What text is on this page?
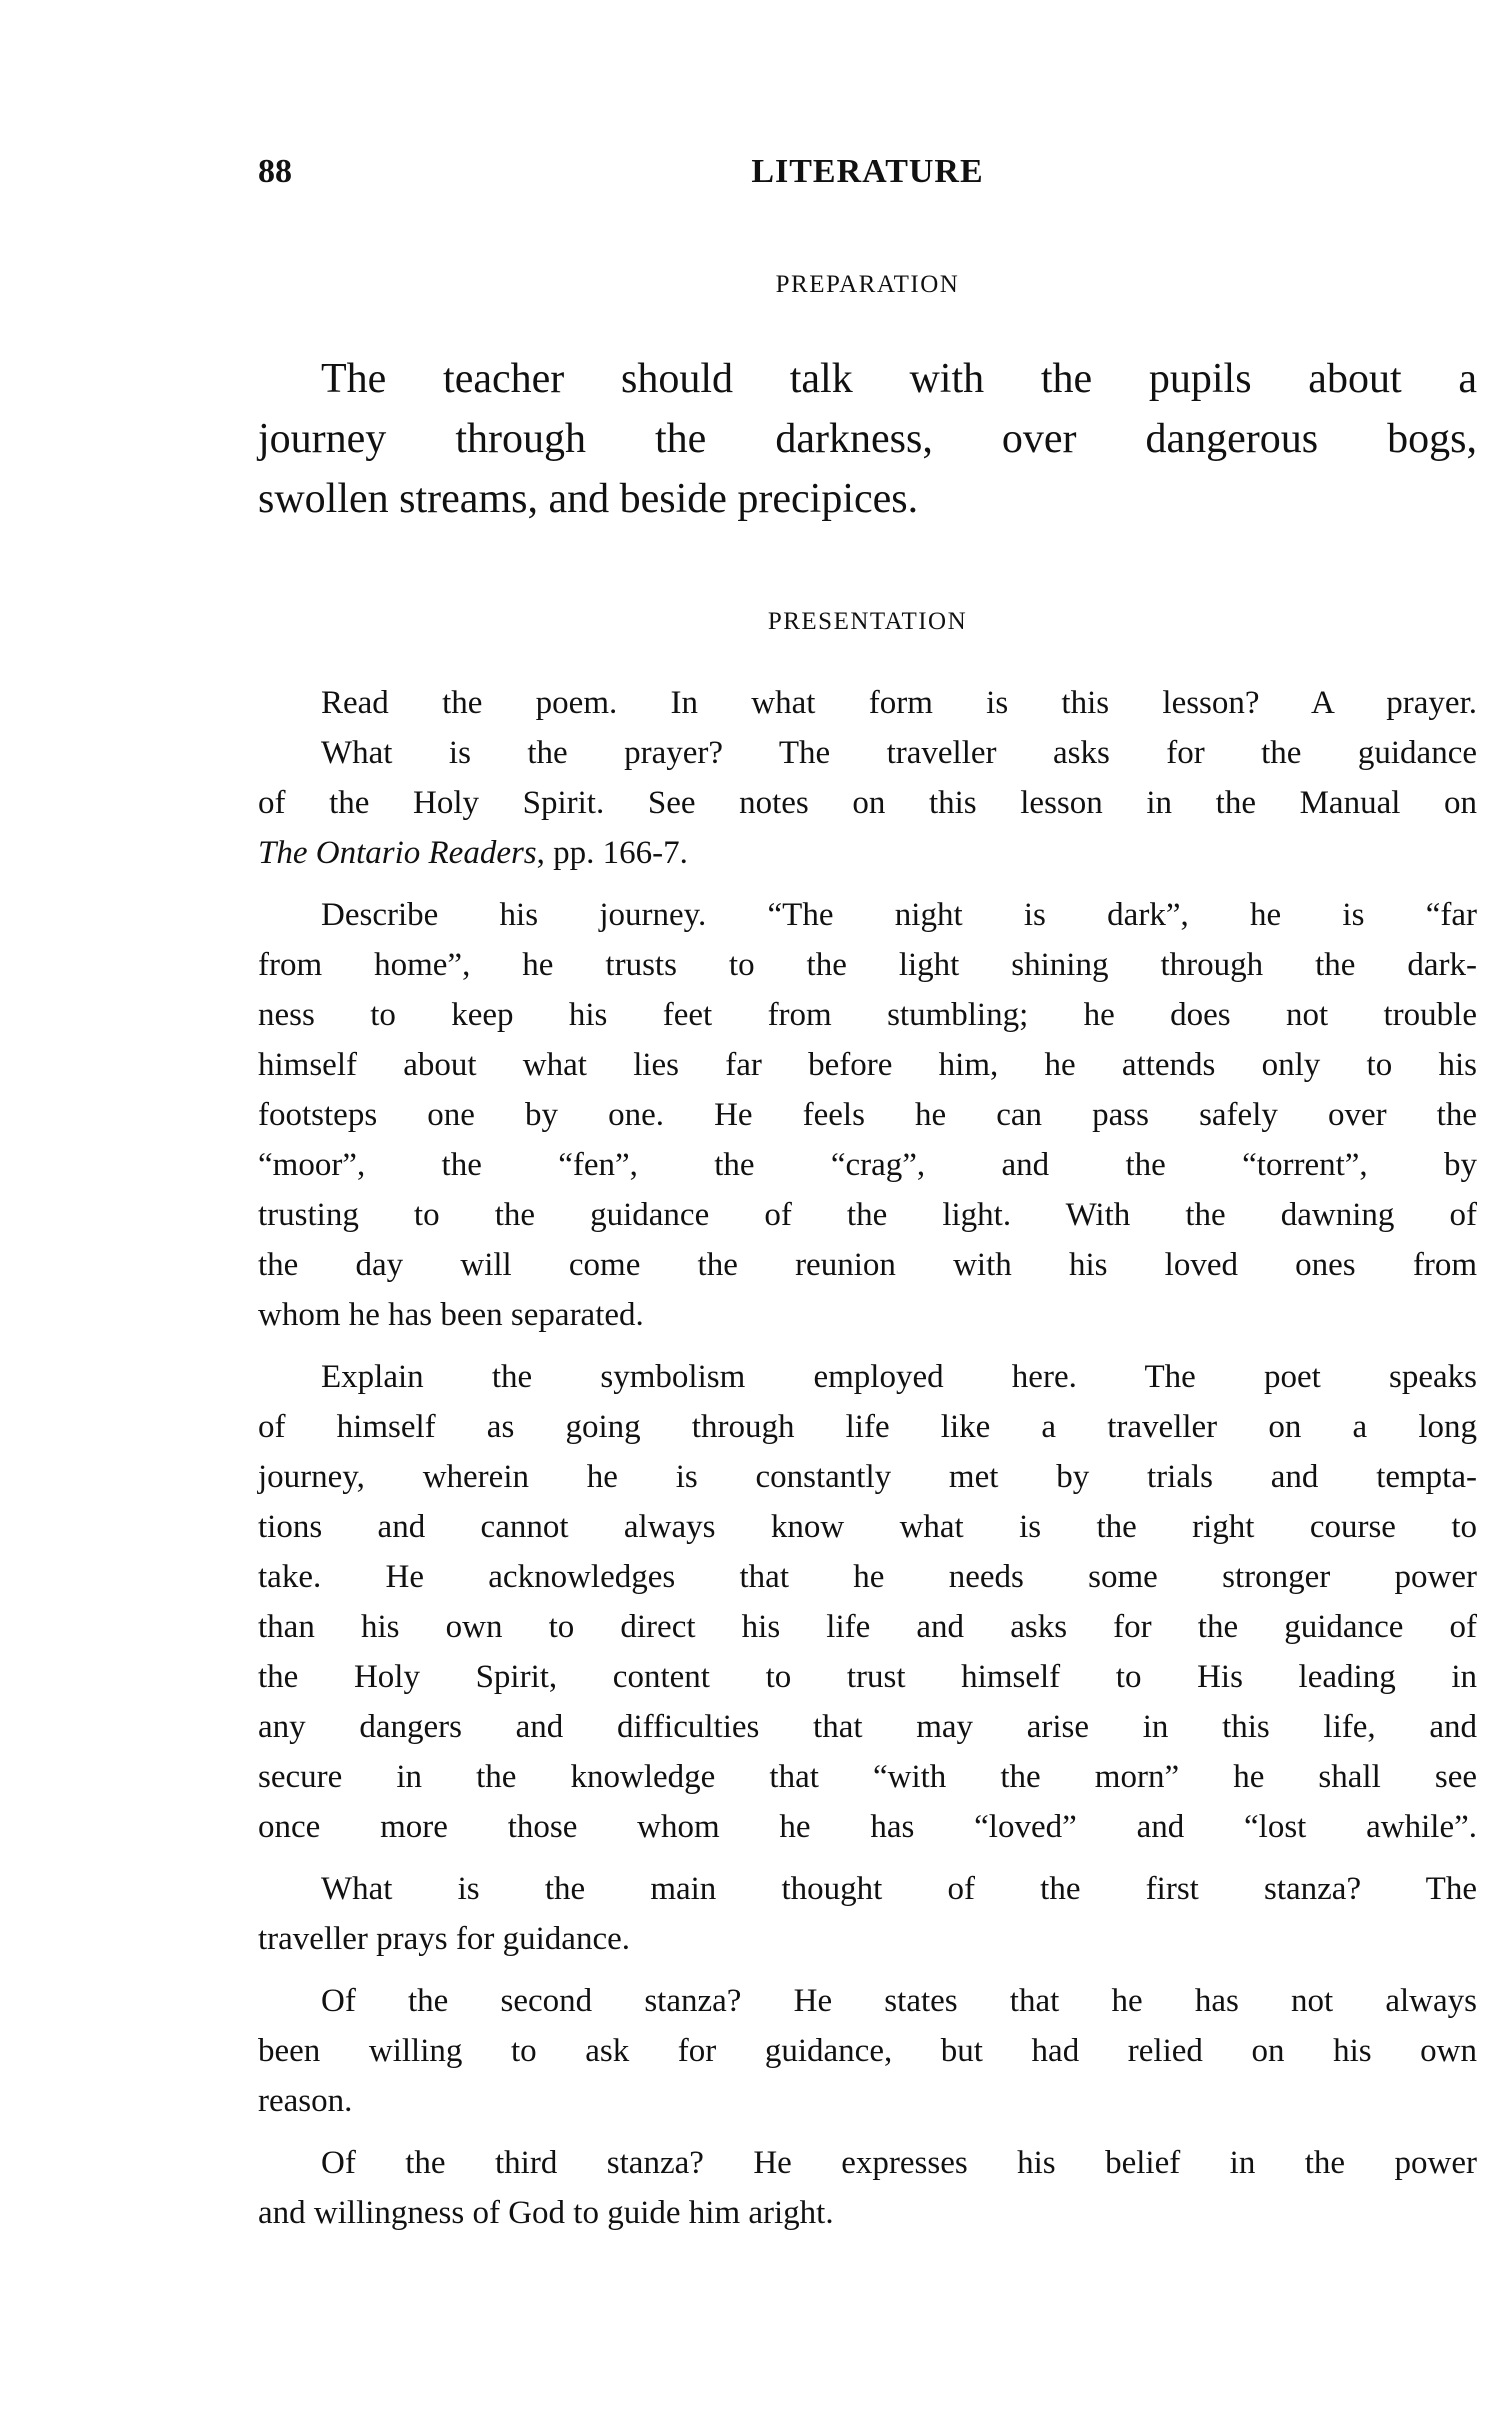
88	LITERATURE
PREPARATION
The teacher should talk with the pupils about a
journey through the darkness, over dangerous bogs,
swollen streams, and beside precipices.
PRESENTATION
Read the poem. In what form is this lesson? A prayer.
What is the prayer? The traveller asks for the guidance
of the Holy Spirit. See notes on this lesson in the Manual on
The Ontario Readers, pp. 166-7.
Describe his journey. “The night is dark”, he is “far
from home”, he trusts to the light shining through the dark-
ness to keep his feet from stumbling; he does not trouble
himself about what lies far before him, he attends only to his
footsteps one by one. He feels he can pass safely over the
“moor”, the “fen”, the “crag”, and the “torrent”, by
trusting to the guidance of the light. With the dawning of
the day will come the reunion with his loved ones from
whom he has been separated.
Explain the symbolism employed here. The poet speaks
of himself as going through life like a traveller on a long
journey, wherein he is constantly met by trials and tempta-
tions and cannot always know what is the right course to
take. He acknowledges that he needs some stronger power
than his own to direct his life and asks for the guidance of
the Holy Spirit, content to trust himself to His leading in
any dangers and difficulties that may arise in this life, and
secure in the knowledge that “with the morn” he shall see
once more those whom he has “loved” and “lost awhile”.
What is the main thought of the first stanza? The
traveller prays for guidance.
Of the second stanza? He states that he has not always
been willing to ask for guidance, but had relied on his own
reason.
Of the third stanza? He expresses his belief in the power
and willingness of God to guide him aright.
